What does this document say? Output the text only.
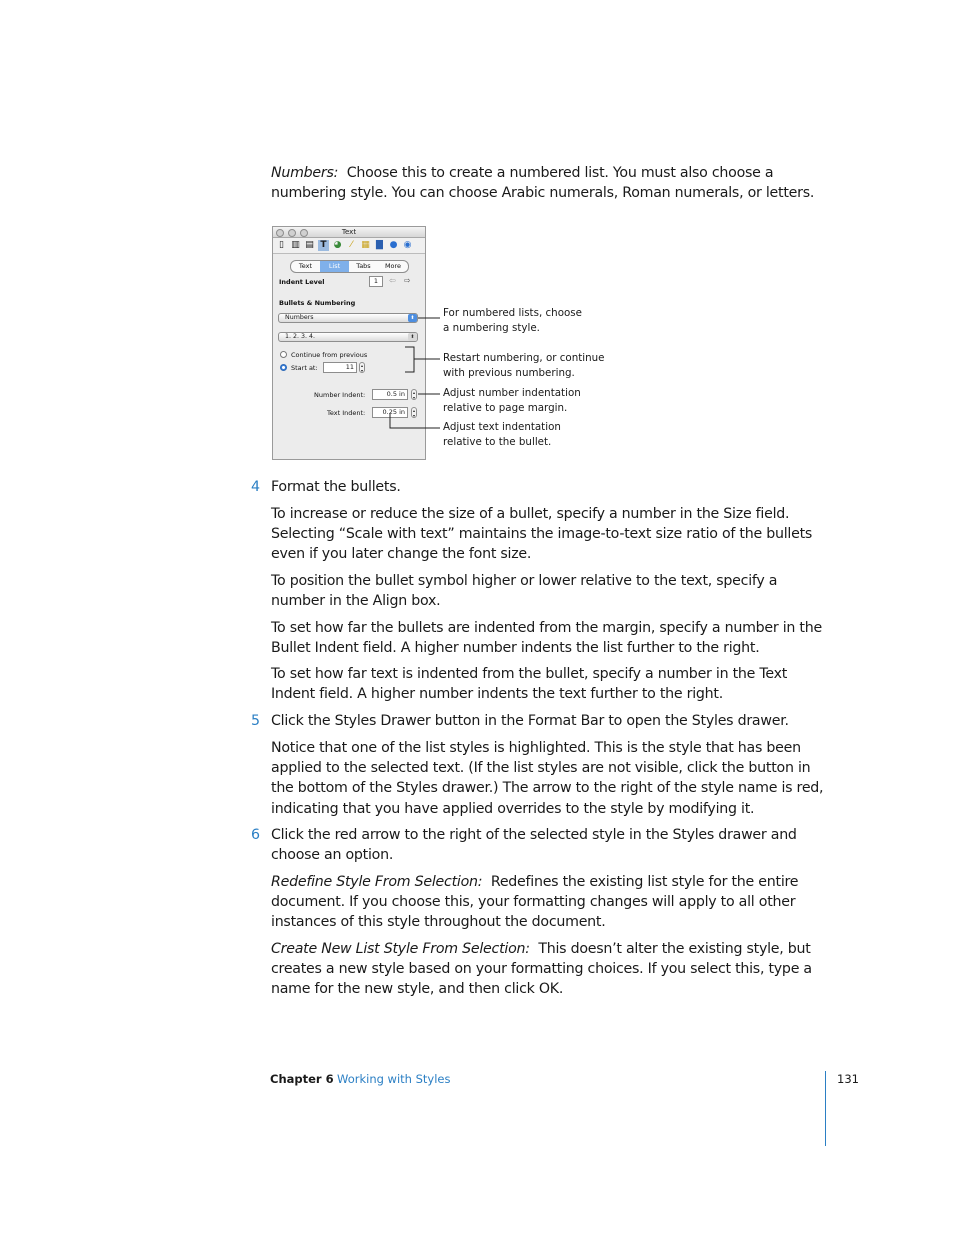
Numbers: Choose this to create a numbered list. You must also choose a numbering style. You can choose Arabic numerals, Roman numerals, or letters.

Text
▯ ▥ ▤ T ◕	⁄ ▦ ▇ ● ◉
Text	List	Tabs	More
Indent Level	1	⇦ ⇨
Bullets & Numbering
Numbers	⬍
1. 2. 3. 4.	⬍
Continue from previous
Start at:	11	▴
▾
Number Indent:	0.5 in	▴
▾
Text Indent:	0.25 in	▴
▾
For numbered lists, choose
a numbering style.
Restart numbering, or continue
with previous numbering.
Adjust number indentation
relative to page margin.
Adjust text indentation
relative to the bullet.
4 Format the bullets.

To increase or reduce the size of a bullet, specify a number in the Size field. Selecting “Scale with text” maintains the image-to-text size ratio of the bullets even if you later change the font size.

To position the bullet symbol higher or lower relative to the text, specify a number in the Align box.

To set how far the bullets are indented from the margin, specify a number in the Bullet Indent field. A higher number indents the list further to the right.

To set how far text is indented from the bullet, specify a number in the Text Indent field. A higher number indents the text further to the right.

5 Click the Styles Drawer button in the Format Bar to open the Styles drawer.

Notice that one of the list styles is highlighted. This is the style that has been applied to the selected text. (If the list styles are not visible, click the button in the bottom of the Styles drawer.) The arrow to the right of the style name is red, indicating that you have applied overrides to the style by modifying it.

6 Click the red arrow to the right of the selected style in the Styles drawer and choose an option.

Redefine Style From Selection: Redefines the existing list style for the entire document. If you choose this, your formatting changes will apply to all other instances of this style throughout the document.

Create New List Style From Selection: This doesn’t alter the existing style, but creates a new style based on your formatting choices. If you select this, type a name for the new style, and then click OK.

Chapter 6 Working with Styles	131
